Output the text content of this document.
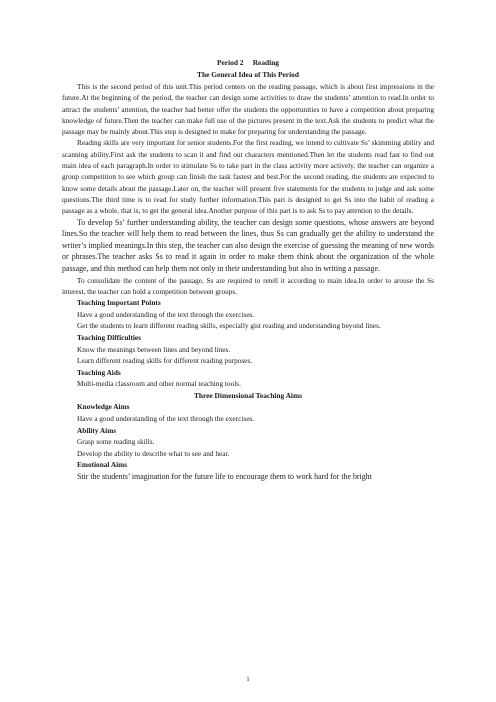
Period 2  Reading

The General Idea of This Period

This is the second period of this unit.This period centers on the reading passage, which is about first impressions in the future.At the beginning of the period, the teacher can design some activities to draw the students’ attention to read.In order to attract the students’ attention, the teacher had better offer the students the opportunities to have a competition about preparing knowledge of future.Then the teacher can make full use of the pictures present in the text.Ask the students to predict what the passage may be mainly about.This step is designed to make for preparing for understanding the passage.

Reading skills are very important for senior students.For the first reading, we intend to cultivate Ss’ skimming ability and scanning ability.First ask the students to scan it and find out characters mentioned.Then let the students read fast to find out main idea of each paragraph.In order to stimulate Ss to take part in the class activity more actively, the teacher can organize a group competition to see which group can finish the task fastest and best.For the second reading, the students are expected to know some details about the passage.Later on, the teacher will present five statements for the students to judge and ask some questions.The third time is to read for study further information.This part is designed to get Ss into the habit of reading a passage as a whole, that is, to get the general idea.Another purpose of this part is to ask Ss to pay attention to the details.

To develop Ss’ further understanding ability, the teacher can design some questions, whose answers are beyond lines.So the teacher will help them to read between the lines, thus Ss can gradually get the ability to understand the writer’s implied meanings.In this step, the teacher can also design the exercise of guessing the meaning of new words or phrases.The teacher asks Ss to read it again in order to make them think about the organization of the whole passage, and this method can help them not only in their understanding but also in writing a passage.

To consolidate the content of the passage, Ss are required to retell it according to main idea.In order to arouse the Ss interest, the teacher can hold a competition between groups.

Teaching Important Points

Have a good understanding of the text through the exercises.

Get the students to learn different reading skills, especially gist reading and understanding beyond lines.

Teaching Difficulties

Know the meanings between lines and beyond lines.

Learn different reading skills for different reading purposes.

Teaching Aids

Multi-media classroom and other normal teaching tools.

Three Dimensional Teaching Aims

Knowledge Aims

Have a good understanding of the text through the exercises.

Ability Aims

Grasp some reading skills.

Develop the ability to describe what to see and hear.

Emotional Aims

Stir the students’ imagination for the future life to encourage them to work hard for the bright

1
